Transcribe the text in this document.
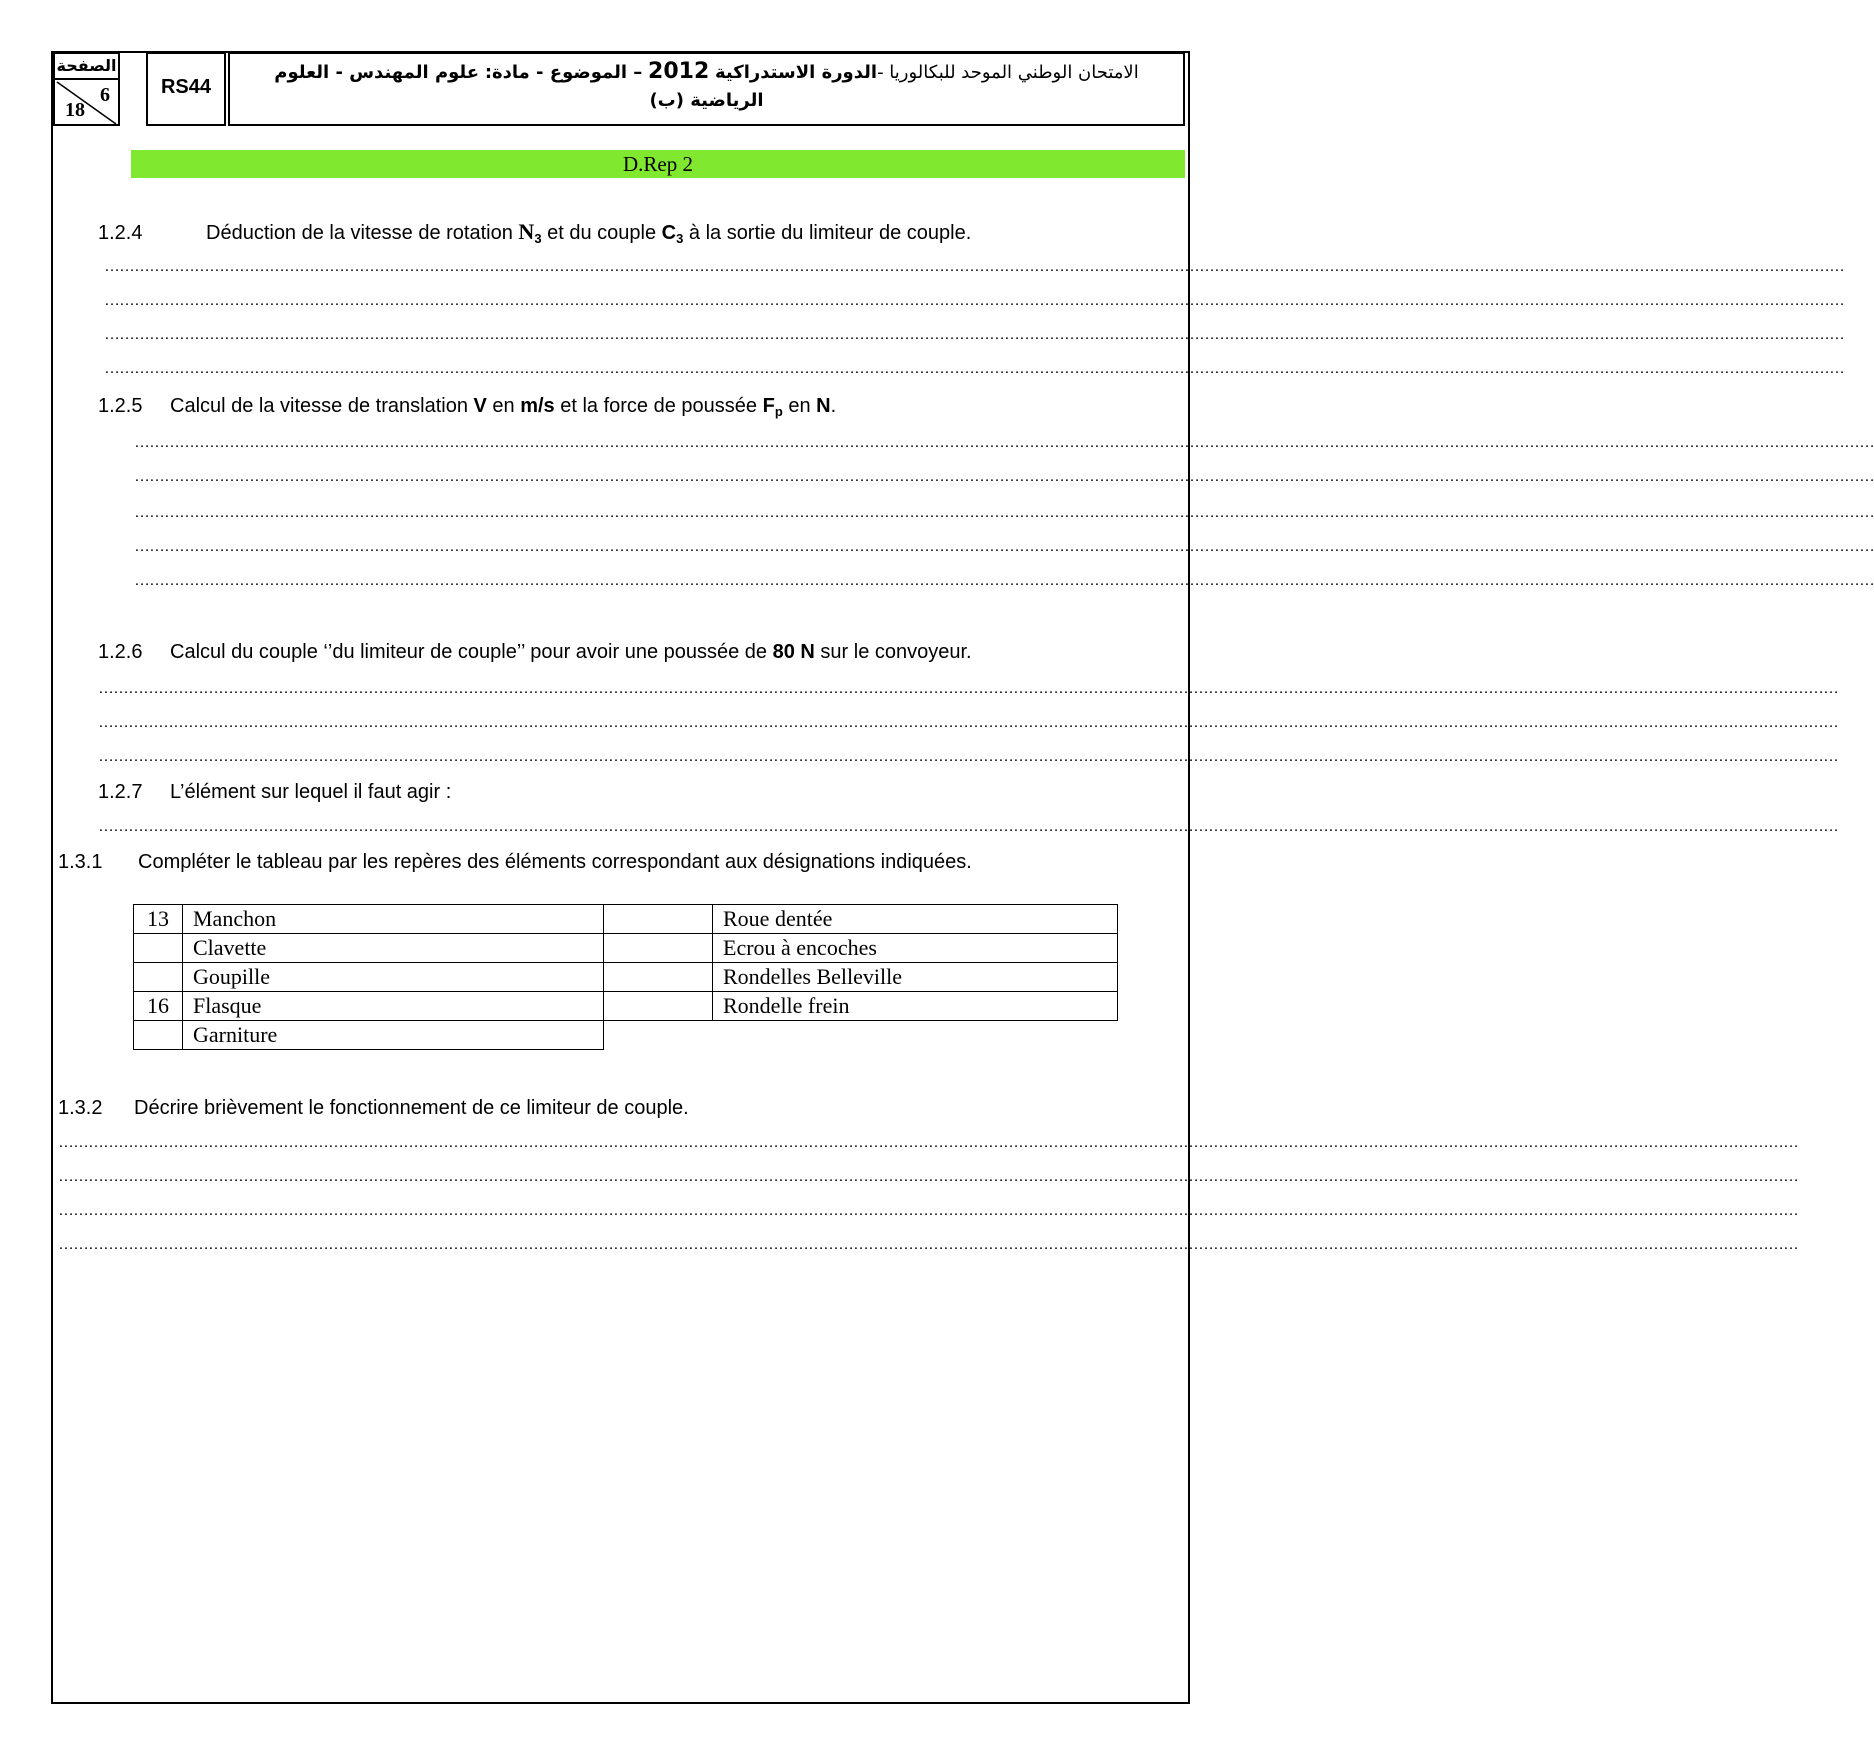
الصفحة
6
18
RS44
الامتحان الوطني الموحد للبكالوريا -الدورة الاستدراكية 2012 – الموضوع - مادة: علوم المهندس - العلوم الرياضية (ب)
D.Rep 2
1.2.4	Déduction de la vitesse de rotation $N_3$ et du couple $C_3$ à la sortie du limiteur de couple.
……………………………………………………………………………………………………………………………………………………………………………………………………………………………………………………………………………………………………………………
……………………………………………………………………………………………………………………………………………………………………………………………………………………………………………………………………………………………………………………
……………………………………………………………………………………………………………………………………………………………………………………………………………………………………………………………………………………………………………………
……………………………………………………………………………………………………………………………………………………………………………………………………………………………………………………………………………………………………………………
1.2.5 Calcul de la vitesse de translation V en m/s et la force de poussée $F_p$ en N.
……………………………………………………………………………………………………………………………………………………………………………………………………………………………………………………………………………………………………………………
……………………………………………………………………………………………………………………………………………………………………………………………………………………………………………………………………………………………………………………
……………………………………………………………………………………………………………………………………………………………………………………………………………………………………………………………………………………………………………………
……………………………………………………………………………………………………………………………………………………………………………………………………………………………………………………………………………………………………………………
……………………………………………………………………………………………………………………………………………………………………………………………………………………………………………………………………………………………………………………
1.2.6 Calcul du couple ‘’du limiteur de couple’’ pour avoir une poussée de 80 N sur le convoyeur.
……………………………………………………………………………………………………………………………………………………………………………………………………………………………………………………………………………………………………………………
……………………………………………………………………………………………………………………………………………………………………………………………………………………………………………………………………………………………………………………
……………………………………………………………………………………………………………………………………………………………………………………………………………………………………………………………………………………………………………………
1.2.7 L’élément sur lequel il faut agir :
……………………………………………………………………………………………………………………………………………………………………………………………………………………………………………………………………………………………………………………
1.3.1 Compléter le tableau par les repères des éléments correspondant aux désignations indiquées.
13	Manchon		Roue dentée
	Clavette		Ecrou à encoches
	Goupille		Rondelles Belleville
16	Flasque		Rondelle frein
	Garniture		
1.3.2 Décrire brièvement le fonctionnement de ce limiteur de couple.
……………………………………………………………………………………………………………………………………………………………………………………………………………………………………………………………………………………………………………………
……………………………………………………………………………………………………………………………………………………………………………………………………………………………………………………………………………………………………………………
……………………………………………………………………………………………………………………………………………………………………………………………………………………………………………………………………………………………………………………
……………………………………………………………………………………………………………………………………………………………………………………………………………………………………………………………………………………………………………………
